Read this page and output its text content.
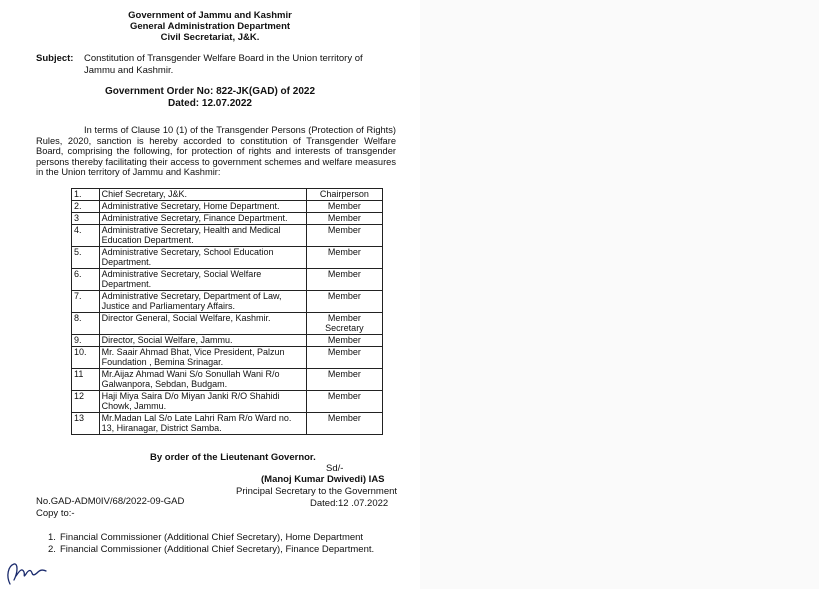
Government of Jammu and Kashmir
General Administration Department
Civil Secretariat, J&K.
Subject: Constitution of Transgender Welfare Board in the Union territory of Jammu and Kashmir.
Government Order No: 822-JK(GAD) of 2022
Dated: 12.07.2022
In terms of Clause 10 (1) of the Transgender Persons (Protection of Rights) Rules, 2020, sanction is hereby accorded to constitution of Transgender Welfare Board, comprising the following, for protection of rights and interests of transgender persons thereby facilitating their access to government schemes and welfare measures in the Union territory of Jammu and Kashmir:
1.	Chief Secretary, J&K.	Chairperson
2.	Administrative Secretary, Home Department.	Member
3	Administrative Secretary, Finance Department.	Member
4.	Administrative Secretary, Health and Medical Education Department.	Member
5.	Administrative Secretary, School Education Department.	Member
6.	Administrative Secretary, Social Welfare Department.	Member
7.	Administrative Secretary, Department of Law, Justice and Parliamentary Affairs.	Member
8.	Director General, Social Welfare, Kashmir.	Member Secretary
9.	Director, Social Welfare, Jammu.	Member
10.	Mr. Saair Ahmad Bhat, Vice President, Palzun Foundation , Bemina Srinagar.	Member
11	Mr.Aijaz Ahmad Wani S/o Sonullah Wani R/o Galwanpora, Sebdan, Budgam.	Member
12	Haji Miya Saira D/o Miyan Janki R/O Shahidi Chowk, Jammu.	Member
13	Mr.Madan Lal S/o Late Lahri Ram R/o Ward no. 13, Hiranagar, District Samba.	Member
By order of the Lieutenant Governor.
Sd/-
(Manoj Kumar Dwivedi) IAS
Principal Secretary to the Government
Dated:12 .07.2022
No.GAD-ADM0IV/68/2022-09-GAD
Copy to:-
1. Financial Commissioner (Additional Chief Secretary), Home Department
2. Financial Commissioner (Additional Chief Secretary), Finance Department.
